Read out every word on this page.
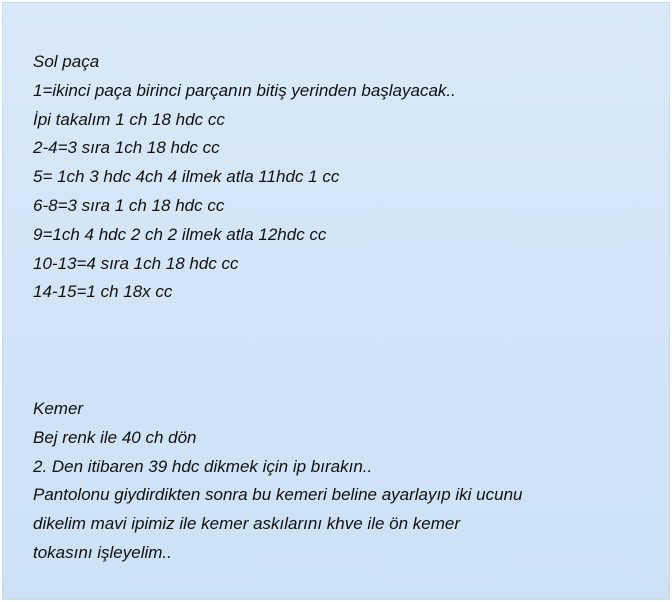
Sol paça
1=ikinci paça birinci parçanın bitiş yerinden başlayacak..
İpi takalım 1 ch 18 hdc cc
2-4=3 sıra 1ch 18 hdc cc
5= 1ch 3 hdc 4ch 4 ilmek atla 11hdc 1 cc
6-8=3 sıra 1 ch 18 hdc cc
9=1ch 4 hdc 2 ch 2 ilmek atla 12hdc cc
10-13=4 sıra 1ch 18 hdc cc
14-15=1 ch 18x cc
Kemer
Bej renk ile 40 ch dön
2. Den itibaren 39 hdc dikmek için ip bırakın..
Pantolonu giydirdikten sonra bu kemeri beline ayarlayıp iki ucunu
dikelim mavi ipimiz ile kemer askılarını khve ile ön kemer
tokasını işleyelim..
